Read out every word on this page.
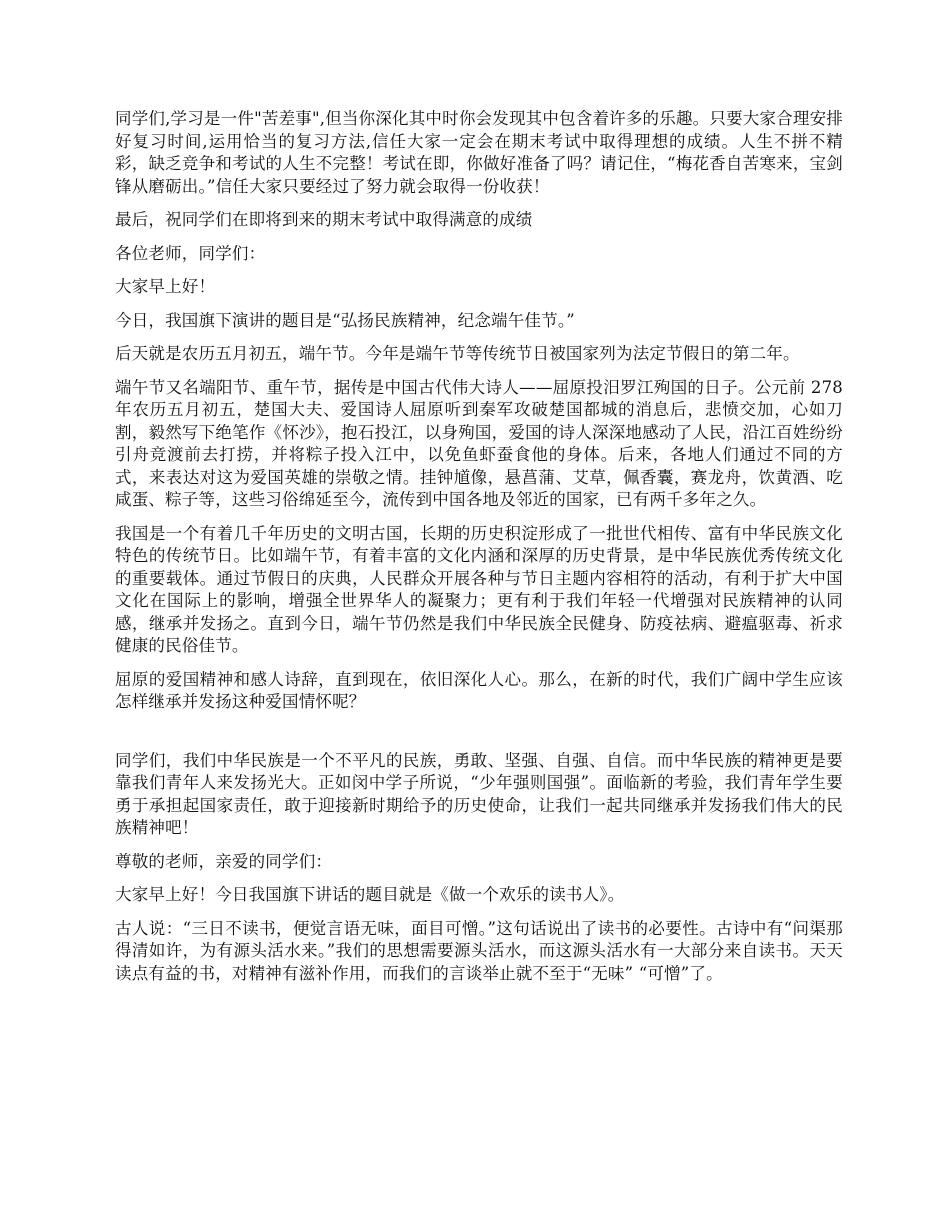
同学们,学习是一件"苦差事",但当你深化其中时你会发现其中包含着许多的乐趣。只要大家合理安排好复习时间,运用恰当的复习方法,信任大家一定会在期末考试中取得理想的成绩。人生不拼不精彩，缺乏竞争和考试的人生不完整！考试在即，你做好准备了吗？请记住，“梅花香自苦寒来，宝剑锋从磨砺出。”信任大家只要经过了努力就会取得一份收获！

最后，祝同学们在即将到来的期末考试中取得满意的成绩

各位老师，同学们：

大家早上好！

今日，我国旗下演讲的题目是“弘扬民族精神，纪念端午佳节。”

后天就是农历五月初五，端午节。今年是端午节等传统节日被国家列为法定节假日的第二年。

端午节又名端阳节、重午节，据传是中国古代伟大诗人——屈原投汨罗江殉国的日子。公元前 278 年农历五月初五，楚国大夫、爱国诗人屈原听到秦军攻破楚国都城的消息后，悲愤交加，心如刀割，毅然写下绝笔作《怀沙》，抱石投江，以身殉国，爱国的诗人深深地感动了人民，沿江百姓纷纷引舟竞渡前去打捞，并将粽子投入江中，以免鱼虾蚕食他的身体。后来，各地人们通过不同的方式，来表达对这为爱国英雄的崇敬之情。挂钟馗像，悬菖蒲、艾草，佩香囊，赛龙舟，饮黄酒、吃咸蛋、粽子等，这些习俗绵延至今，流传到中国各地及邻近的国家，已有两千多年之久。

我国是一个有着几千年历史的文明古国，长期的历史积淀形成了一批世代相传、富有中华民族文化特色的传统节日。比如端午节，有着丰富的文化内涵和深厚的历史背景，是中华民族优秀传统文化的重要载体。通过节假日的庆典，人民群众开展各种与节日主题内容相符的活动，有利于扩大中国文化在国际上的影响，增强全世界华人的凝聚力；更有利于我们年轻一代增强对民族精神的认同感，继承并发扬之。直到今日，端午节仍然是我们中华民族全民健身、防疫祛病、避瘟驱毒、祈求健康的民俗佳节。

屈原的爱国精神和感人诗辞，直到现在，依旧深化人心。那么，在新的时代，我们广阔中学生应该怎样继承并发扬这种爱国情怀呢？

同学们，我们中华民族是一个不平凡的民族，勇敢、坚强、自强、自信。而中华民族的精神更是要靠我们青年人来发扬光大。正如闵中学子所说，“少年强则国强”。面临新的考验，我们青年学生要勇于承担起国家责任，敢于迎接新时期给予的历史使命，让我们一起共同继承并发扬我们伟大的民族精神吧！

尊敬的老师，亲爱的同学们：

大家早上好！今日我国旗下讲话的题目就是《做一个欢乐的读书人》。

古人说：“三日不读书，便觉言语无味，面目可憎。”这句话说出了读书的必要性。古诗中有“问渠那得清如许，为有源头活水来。”我们的思想需要源头活水，而这源头活水有一大部分来自读书。天天读点有益的书，对精神有滋补作用，而我们的言谈举止就不至于“无味” “可憎”了。
